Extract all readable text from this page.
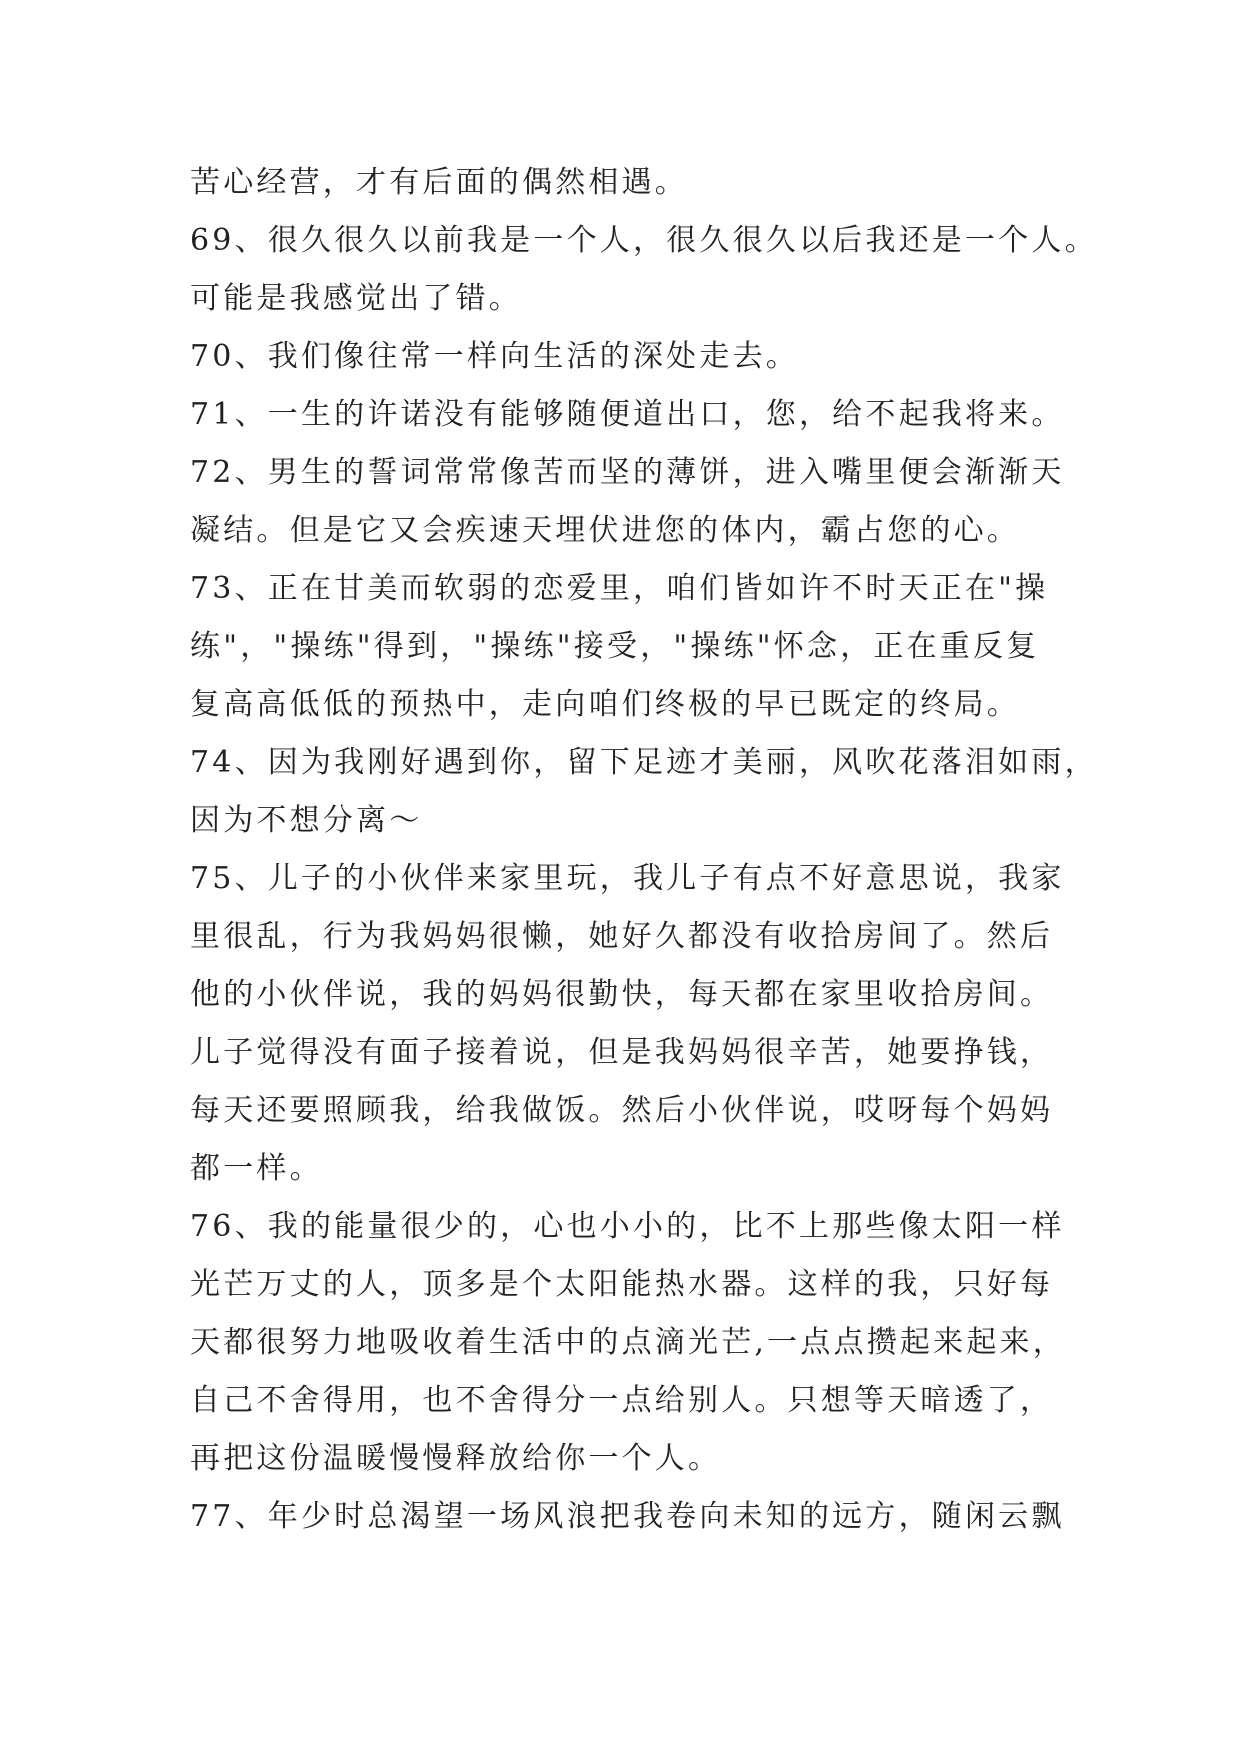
苦心经营，才有后面的偶然相遇。
69、很久很久以前我是一个人，很久很久以后我还是一个人。
可能是我感觉出了错。
70、我们像往常一样向生活的深处走去。
71、一生的许诺没有能够随便道出口，您，给不起我将来。
72、男生的誓词常常像苦而坚的薄饼，进入嘴里便会渐渐天
凝结。但是它又会疾速天埋伏进您的体内，霸占您的心。
73、正在甘美而软弱的恋爱里，咱们皆如许不时天正在"操
练"，"操练"得到，"操练"接受，"操练"怀念，正在重反复
复高高低低的预热中，走向咱们终极的早已既定的终局。
74、因为我刚好遇到你，留下足迹才美丽，风吹花落泪如雨，
因为不想分离～
75、儿子的小伙伴来家里玩，我儿子有点不好意思说，我家
里很乱，行为我妈妈很懒，她好久都没有收拾房间了。然后
他的小伙伴说，我的妈妈很勤快，每天都在家里收拾房间。
儿子觉得没有面子接着说，但是我妈妈很辛苦，她要挣钱，
每天还要照顾我，给我做饭。然后小伙伴说，哎呀每个妈妈
都一样。
76、我的能量很少的，心也小小的，比不上那些像太阳一样
光芒万丈的人，顶多是个太阳能热水器。这样的我，只好每
天都很努力地吸收着生活中的点滴光芒,一点点攒起来起来，
自己不舍得用，也不舍得分一点给别人。只想等天暗透了，
再把这份温暖慢慢释放给你一个人。
77、年少时总渴望一场风浪把我卷向未知的远方，随闲云飘
